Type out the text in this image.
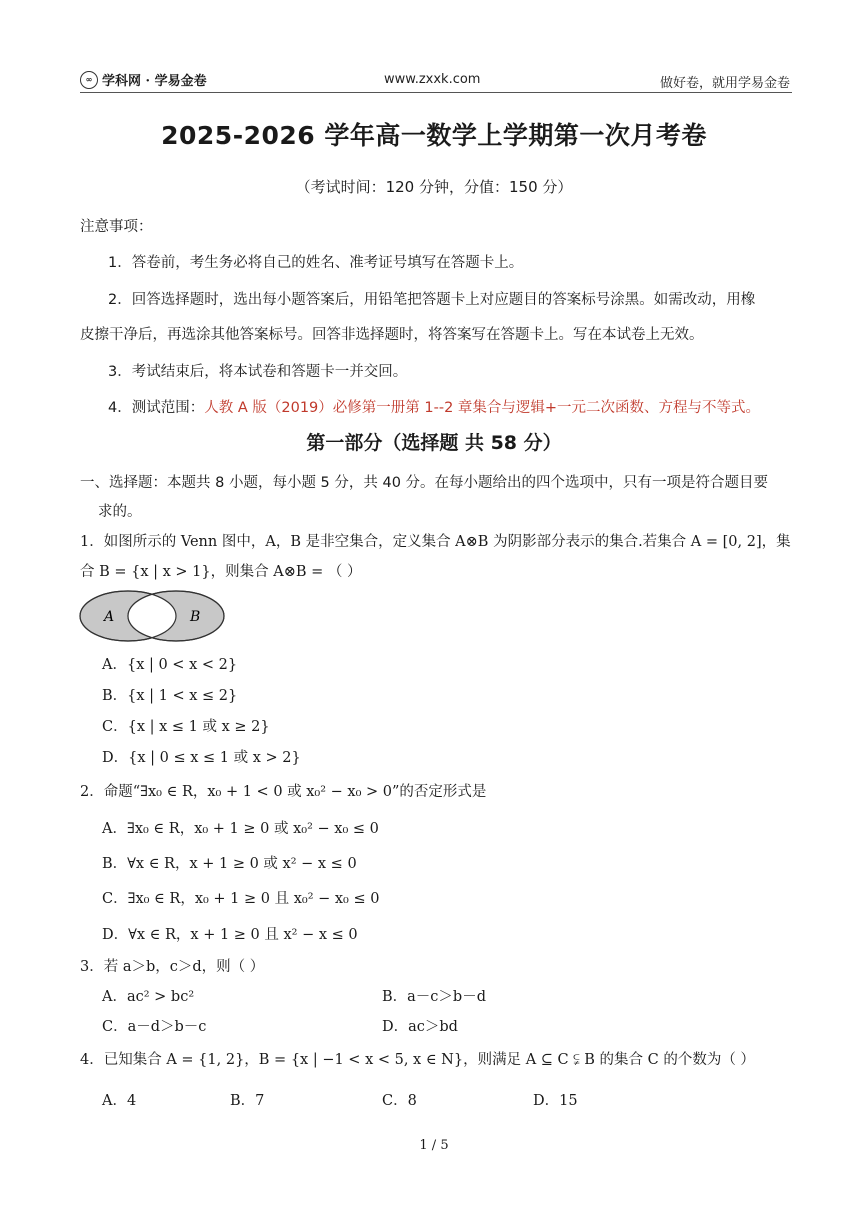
∞ 学科网 · 学易金卷	www.zxxk.com	做好卷，就用学易金卷
2025-2026 学年高一数学上学期第一次月考卷
（考试时间：120 分钟，分值：150 分）
注意事项：
1．答卷前，考生务必将自己的姓名、准考证号填写在答题卡上。
2．回答选择题时，选出每小题答案后，用铅笔把答题卡上对应题目的答案标号涂黑。如需改动，用橡
皮擦干净后，再选涂其他答案标号。回答非选择题时，将答案写在答题卡上。写在本试卷上无效。
3．考试结束后，将本试卷和答题卡一并交回。
4．测试范围：人教 A 版（2019）必修第一册第 1--2 章集合与逻辑+一元二次函数、方程与不等式。
第一部分（选择题 共 58 分）
一、选择题：本题共 8 小题，每小题 5 分，共 40 分。在每小题给出的四个选项中，只有一项是符合题目要
求的。
1．如图所示的 Venn 图中，A，B 是非空集合，定义集合 A⊗B 为阴影部分表示的集合.若集合 A = [0, 2]，集
合 B = {x | x > 1}，则集合 A⊗B = （ ）
A	B
A．{x | 0 < x < 2}
B．{x | 1 < x ≤ 2}
C．{x | x ≤ 1 或 x ≥ 2}
D．{x | 0 ≤ x ≤ 1 或 x > 2}
2．命题“∃x₀ ∈ R，x₀ + 1 < 0 或 x₀² − x₀ > 0”的否定形式是
A．∃x₀ ∈ R，x₀ + 1 ≥ 0 或 x₀² − x₀ ≤ 0
B．∀x ∈ R，x + 1 ≥ 0 或 x² − x ≤ 0
C．∃x₀ ∈ R，x₀ + 1 ≥ 0 且 x₀² − x₀ ≤ 0
D．∀x ∈ R，x + 1 ≥ 0 且 x² − x ≤ 0
3．若 a＞b，c＞d，则（ ）
A．ac² > bc²	B．a－c＞b－d
C．a－d＞b－c	D．ac＞bd
4．已知集合 A = {1, 2}，B = {x | −1 < x < 5, x ∈ N}，则满足 A ⊆ C ⫋ B 的集合 C 的个数为（ ）
A．4	B．7	C．8	D．15
1 / 5
